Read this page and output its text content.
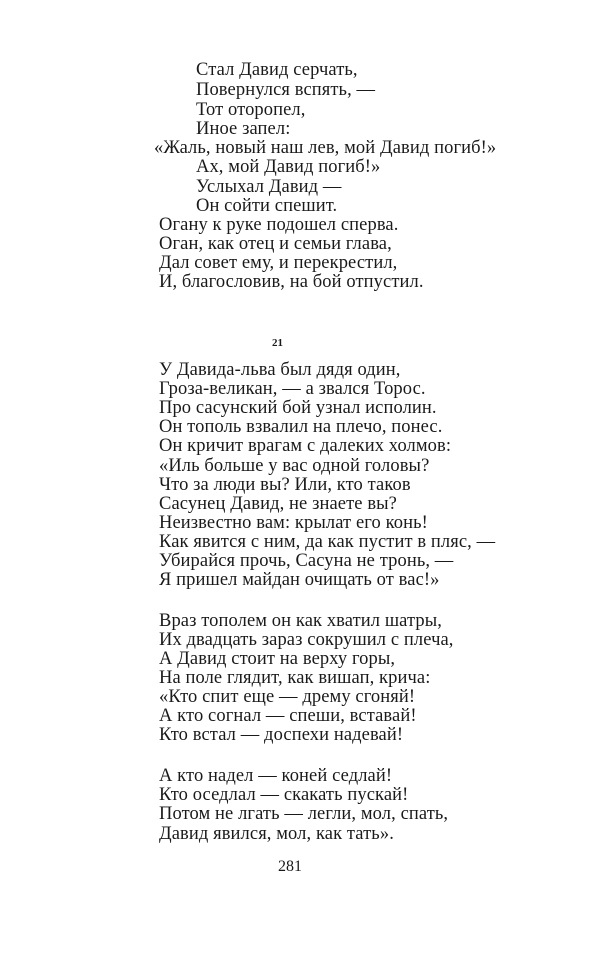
Стал Давид серчать,
Повернулся вспять, —
Тот оторопел,
Иное запел:
«Жаль, новый наш лев, мой Давид погиб!»
Ах, мой Давид погиб!»
Услыхал Давид —
Он сойти спешит.
Огану к руке подошел сперва.
Оган, как отец и семьи глава,
Дал совет ему, и перекрестил,
И, благословив, на бой отпустил.
21
У Давида-льва был дядя один,
Гроза-великан, — а звался Торос.
Про сасунский бой узнал исполин.
Он тополь взвалил на плечо, понес.
Он кричит врагам с далеких холмов:
«Иль больше у вас одной головы?
Что за люди вы? Или, кто таков
Сасунец Давид, не знаете вы?
Неизвестно вам: крылат его конь!
Как явится с ним, да как пустит в пляс, —
Убирайся прочь, Сасуна не тронь, —
Я пришел майдан очищать от вас!»
Враз тополем он как хватил шатры,
Их двадцать зараз сокрушил с плеча,
А Давид стоит на верху горы,
На поле глядит, как вишап, крича:
«Кто спит еще — дрему сгоняй!
А кто согнал — спеши, вставай!
Кто встал — доспехи надевай!
А кто надел — коней седлай!
Кто оседлал — скакать пускай!
Потом не лгать — легли, мол, спать,
Давид явился, мол, как тать».
281
